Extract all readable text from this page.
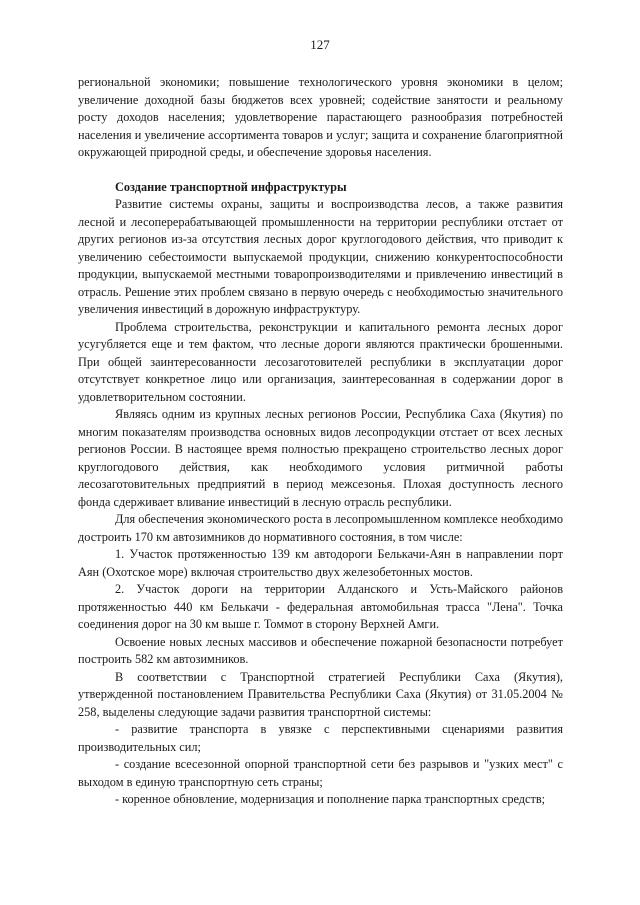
127

региональной экономики; повышение технологического уровня экономики в целом; увеличение доходной базы бюджетов всех уровней; содействие занятости и реальному росту доходов населения; удовлетворение парастающего разнообразия потребностей населения и увеличение ассортимента товаров и услуг; защита и сохранение благоприятной окружающей природной среды, и обеспечение здоровья населения.

Создание транспортной инфраструктуры

Развитие системы охраны, защиты и воспроизводства лесов, а также развития лесной и лесоперерабатывающей промышленности на территории республики отстает от других регионов из-за отсутствия лесных дорог круглогодового действия, что приводит к увеличению себестоимости выпускаемой продукции, снижению конкурентоспособности продукции, выпускаемой местными товаропроизводителями и привлечению инвестиций в отрасль. Решение этих проблем связано в первую очередь с необходимостью значительного увеличения инвестиций в дорожную инфраструктуру.

Проблема строительства, реконструкции и капитального ремонта лесных дорог усугубляется еще и тем фактом, что лесные дороги являются практически брошенными. При общей заинтересованности лесозаготовителей республики в эксплуатации дорог отсутствует конкретное лицо или организация, заинтересованная в содержании дорог в удовлетворительном состоянии.

Являясь одним из крупных лесных регионов России, Республика Саха (Якутия) по многим показателям производства основных видов лесопродукции отстает от всех лесных регионов России. В настоящее время полностью прекращено строительство лесных дорог круглогодового действия, как необходимого условия ритмичной работы лесозаготовительных предприятий в период межсезонья. Плохая доступность лесного фонда сдерживает вливание инвестиций в лесную отрасль республики.

Для обеспечения экономического роста в лесопромышленном комплексе необходимо достроить 170 км автозимников до нормативного состояния, в том числе:

1. Участок протяженностью 139 км автодороги Белькачи-Аян в направлении порт Аян (Охотское море) включая строительство двух железобетонных мостов.

2. Участок дороги на территории Алданского и Усть-Майского районов протяженностью 440 км Белькачи - федеральная автомобильная трасса "Лена". Точка соединения дорог на 30 км выше г. Томмот в сторону Верхней Амги.

Освоение новых лесных массивов и обеспечение пожарной безопасности потребует построить 582 км автозимников.

В соответствии с Транспортной стратегией Республики Саха (Якутия), утвержденной постановлением Правительства Республики Саха (Якутия) от 31.05.2004 № 258, выделены следующие задачи развития транспортной системы:

- развитие транспорта в увязке с перспективными сценариями развития производительных сил;

- создание всесезонной опорной транспортной сети без разрывов и "узких мест" с выходом в единую транспортную сеть страны;

- коренное обновление, модернизация и пополнение парка транспортных средств;
